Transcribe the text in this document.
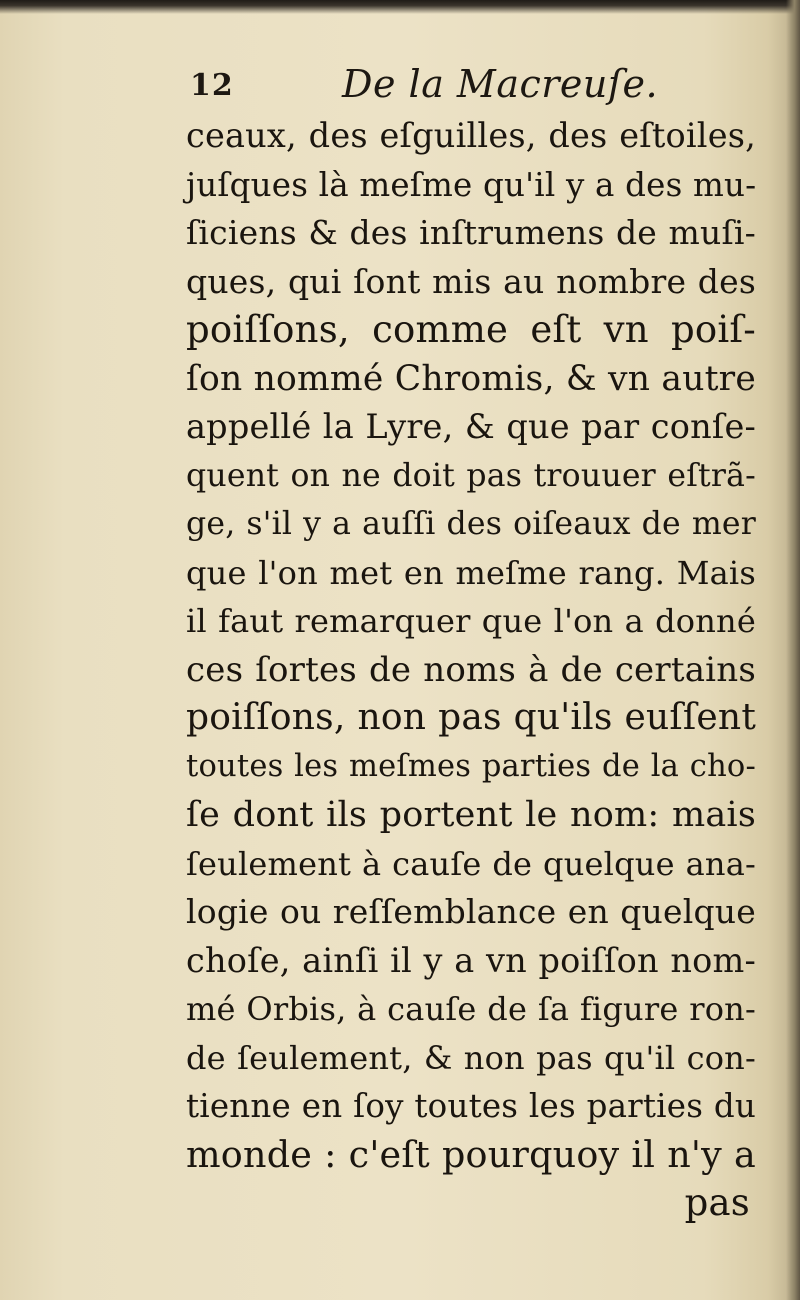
12	De la Macreuſe.
ceaux, des eſguilles, des eſtoiles,
juſques là meſme qu'il y a des mu-
ſiciens & des inſtrumens de muſi-
ques, qui ſont mis au nombre des
poiſſons, comme eſt vn poiſ-
ſon nommé Chromis, & vn autre
appellé la Lyre, & que par conſe-
quent on ne doit pas trouuer eſtrã-
ge, s'il y a auſſi des oiſeaux de mer
que l'on met en meſme rang. Mais
il faut remarquer que l'on a donné
ces ſortes de noms à de certains
poiſſons, non pas qu'ils euſſent
toutes les meſmes parties de la cho-
ſe dont ils portent le nom: mais
ſeulement à cauſe de quelque ana-
logie ou reſſemblance en quelque
choſe, ainſi il y a vn poiſſon nom-
mé Orbis, à cauſe de ſa figure ron-
de ſeulement, & non pas qu'il con-
tienne en ſoy toutes les parties du
monde : c'eſt pourquoy il n'y a
pas
